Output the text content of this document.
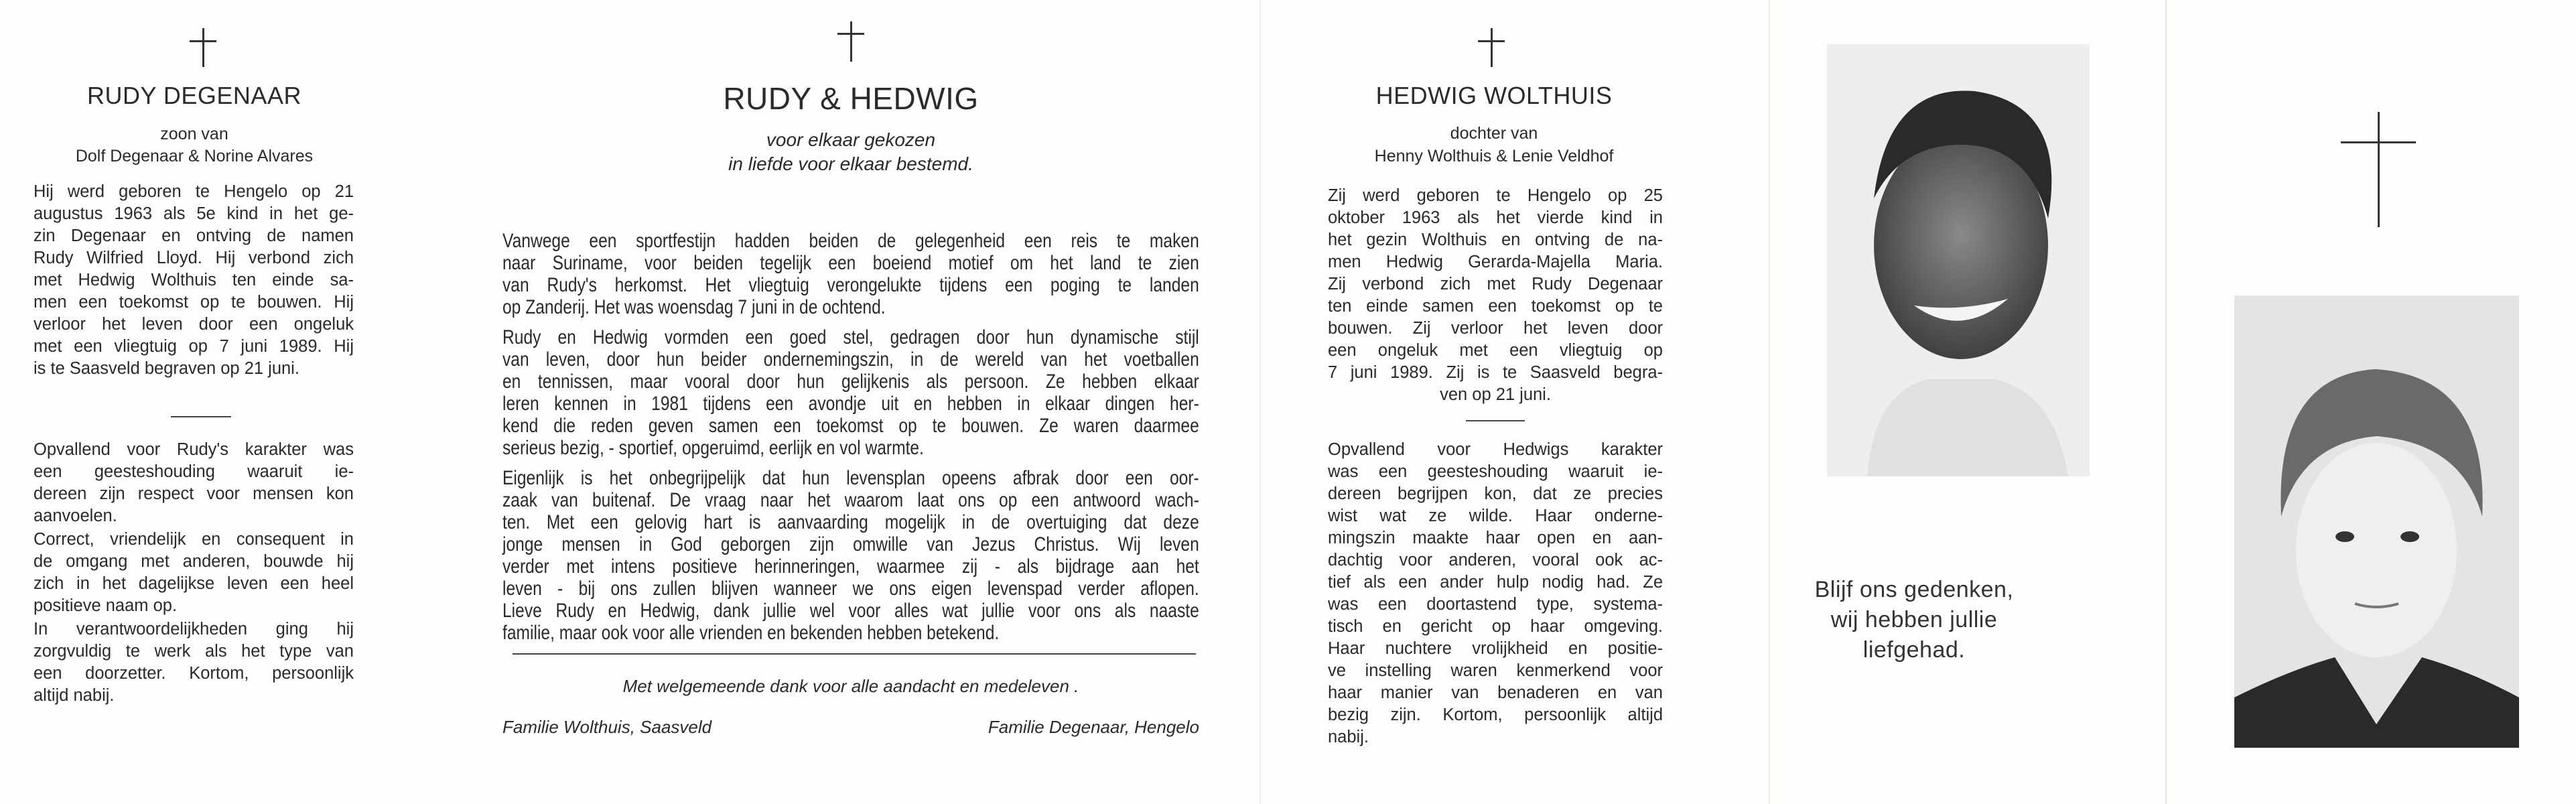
RUDY DEGENAAR
zoon van
Dolf Degenaar & Norine Alvares
Hij werd geboren te Hengelo op 21
augustus 1963 als 5e kind in het ge-
zin Degenaar en ontving de namen
Rudy Wilfried Lloyd. Hij verbond zich
met Hedwig Wolthuis ten einde sa-
men een toekomst op te bouwen. Hij
verloor het leven door een ongeluk
met een vliegtuig op 7 juni 1989. Hij
is te Saasveld begraven op 21 juni.
Opvallend voor Rudy's karakter was
een geesteshouding waaruit ie-
dereen zijn respect voor mensen kon
aanvoelen.
Correct, vriendelijk en consequent in
de omgang met anderen, bouwde hij
zich in het dagelijkse leven een heel
positieve naam op.
In verantwoordelijkheden ging hij
zorgvuldig te werk als het type van
een doorzetter. Kortom, persoonlijk
altijd nabij.
RUDY & HEDWIG
voor elkaar gekozen
in liefde voor elkaar bestemd.
Vanwege een sportfestijn hadden beiden de gelegenheid een reis te maken
naar Suriname, voor beiden tegelijk een boeiend motief om het land te zien
van Rudy's herkomst. Het vliegtuig verongelukte tijdens een poging te landen
op Zanderij. Het was woensdag 7 juni in de ochtend.
Rudy en Hedwig vormden een goed stel, gedragen door hun dynamische stijl
van leven, door hun beider ondernemingszin, in de wereld van het voetballen
en tennissen, maar vooral door hun gelijkenis als persoon. Ze hebben elkaar
leren kennen in 1981 tijdens een avondje uit en hebben in elkaar dingen her-
kend die reden geven samen een toekomst op te bouwen. Ze waren daarmee
serieus bezig, - sportief, opgeruimd, eerlijk en vol warmte.
Eigenlijk is het onbegrijpelijk dat hun levensplan opeens afbrak door een oor-
zaak van buitenaf. De vraag naar het waarom laat ons op een antwoord wach-
ten. Met een gelovig hart is aanvaarding mogelijk in de overtuiging dat deze
jonge mensen in God geborgen zijn omwille van Jezus Christus. Wij leven
verder met intens positieve herinneringen, waarmee zij - als bijdrage aan het
leven - bij ons zullen blijven wanneer we ons eigen levenspad verder aflopen.
Lieve Rudy en Hedwig, dank jullie wel voor alles wat jullie voor ons als naaste
familie, maar ook voor alle vrienden en bekenden hebben betekend.
Met welgemeende dank voor alle aandacht en medeleven .
Familie Wolthuis, Saasveld	Familie Degenaar, Hengelo
HEDWIG WOLTHUIS
dochter van
Henny Wolthuis & Lenie Veldhof
Zij werd geboren te Hengelo op 25
oktober 1963 als het vierde kind in
het gezin Wolthuis en ontving de na-
men Hedwig Gerarda-Majella Maria.
Zij verbond zich met Rudy Degenaar
ten einde samen een toekomst op te
bouwen. Zij verloor het leven door
een ongeluk met een vliegtuig op
7 juni 1989. Zij is te Saasveld begra-
ven op 21 juni.
Opvallend voor Hedwigs karakter
was een geesteshouding waaruit ie-
dereen begrijpen kon, dat ze precies
wist wat ze wilde. Haar onderne-
mingszin maakte haar open en aan-
dachtig voor anderen, vooral ook ac-
tief als een ander hulp nodig had. Ze
was een doortastend type, systema-
tisch en gericht op haar omgeving.
Haar nuchtere vrolijkheid en positie-
ve instelling waren kenmerkend voor
haar manier van benaderen en van
bezig zijn. Kortom, persoonlijk altijd
nabij.
Blijf ons gedenken,
wij hebben jullie
liefgehad.
